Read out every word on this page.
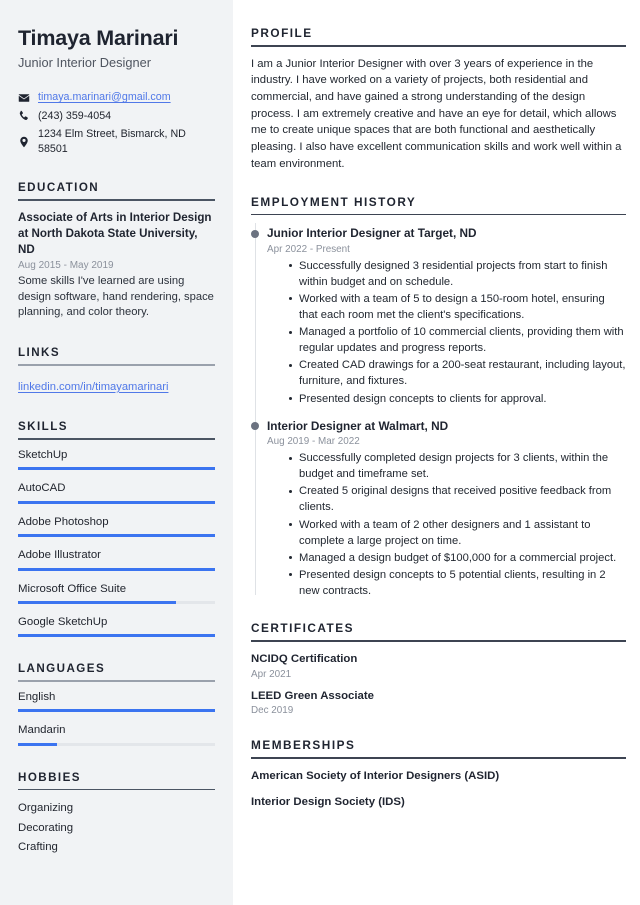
Timaya Marinari
Junior Interior Designer
timaya.marinari@gmail.com
(243) 359-4054
1234 Elm Street, Bismarck, ND 58501
EDUCATION
Associate of Arts in Interior Design at North Dakota State University, ND
Aug 2015 - May 2019
Some skills I've learned are using design software, hand rendering, space planning, and color theory.
LINKS
linkedin.com/in/timayamarinari
SKILLS
SketchUp
AutoCAD
Adobe Photoshop
Adobe Illustrator
Microsoft Office Suite
Google SketchUp
LANGUAGES
English
Mandarin
HOBBIES
Organizing
Decorating
Crafting
PROFILE

I am a Junior Interior Designer with over 3 years of experience in the industry. I have worked on a variety of projects, both residential and commercial, and have gained a strong understanding of the design process. I am extremely creative and have an eye for detail, which allows me to create unique spaces that are both functional and aesthetically pleasing. I also have excellent communication skills and work well within a team environment.

EMPLOYMENT HISTORY
Junior Interior Designer at Target, ND
Apr 2022 - Present
Successfully designed 3 residential projects from start to finish within budget and on schedule.
Worked with a team of 5 to design a 150-room hotel, ensuring that each room met the client's specifications.
Managed a portfolio of 10 commercial clients, providing them with regular updates and progress reports.
Created CAD drawings for a 200-seat restaurant, including layout, furniture, and fixtures.
Presented design concepts to clients for approval.
Interior Designer at Walmart, ND
Aug 2019 - Mar 2022
Successfully completed design projects for 3 clients, within the budget and timeframe set.
Created 5 original designs that received positive feedback from clients.
Worked with a team of 2 other designers and 1 assistant to complete a large project on time.
Managed a design budget of $100,000 for a commercial project.
Presented design concepts to 5 potential clients, resulting in 2 new contracts.
CERTIFICATES
NCIDQ Certification
Apr 2021
LEED Green Associate
Dec 2019
MEMBERSHIPS
American Society of Interior Designers (ASID)
Interior Design Society (IDS)
